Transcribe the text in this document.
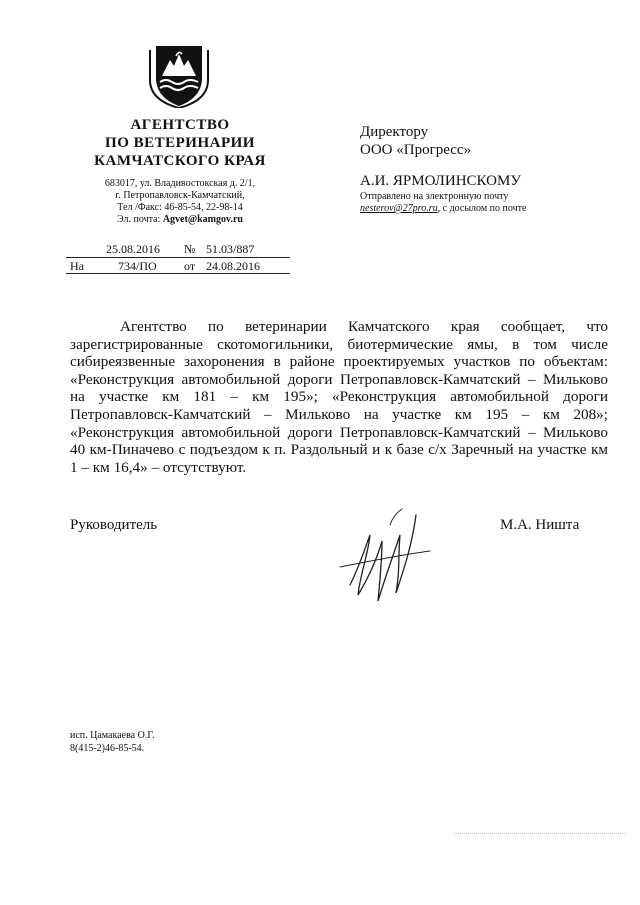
АГЕНТСТВО
ПО ВЕТЕРИНАРИИ
КАМЧАТСКОГО КРАЯ
683017, ул. Владивостокская д. 2/1,
г. Петропавловск-Камчатский,
Тел /Факс: 46-85-54, 22-98-14
Эл. почта: Agvet@kamgov.ru
25.08.2016 № 51.03/887
На	734/ПО от 24.08.2016
Директору
ООО «Прогресс»
А.И. ЯРМОЛИНСКОМУ
Отправлено на электронную почту
nesterov@27pro.ru, с досылом по почте
Агентство по ветеринарии Камчатского края сообщает, что зарегистрированные скотомогильники, биотермические ямы, в том числе сибиреязвенные захоронения в районе проектируемых участков по объектам: «Реконструкция автомобильной дороги Петропавловск-Камчатский – Мильково на участке км 181 – км 195»; «Реконструкция автомобильной дороги Петропавловск-Камчатский – Мильково на участке км 195 – км 208»; «Реконструкция автомобильной дороги Петропавловск-Камчатский – Мильково 40 км-Пиначево с подъездом к п. Раздольный и к базе с/х Заречный на участке км 1 – км 16,4» – отсутствуют.
Руководитель	М.А. Ништа
исп. Цамакаева О.Г.
8(415-2)46-85-54.
